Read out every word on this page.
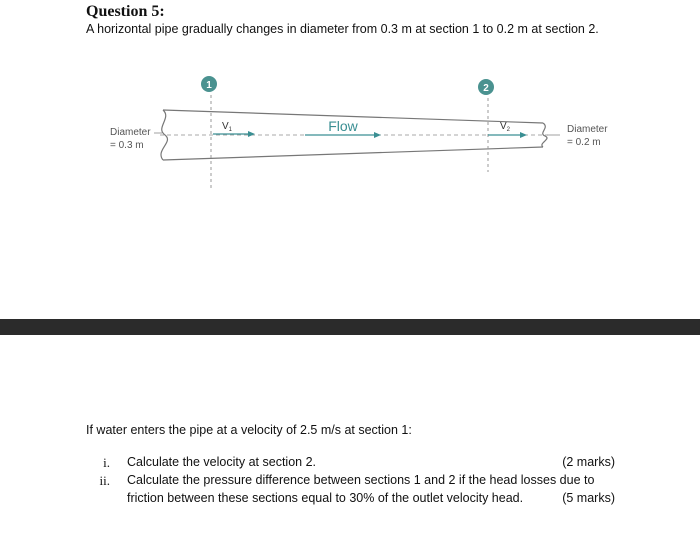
Question 5:
A horizontal pipe gradually changes in diameter from 0.3 m at section 1 to 0.2 m at section 2.
1	2
$V_1$	$V_2$
Flow
Diameter
= 0.3 m
Diameter
= 0.2 m
If water enters the pipe at a velocity of 2.5 m/s at section 1:
i. Calculate the velocity at section 2.	(2 marks)
ii. Calculate the pressure difference between sections 1 and 2 if the head losses due to
friction between these sections equal to 30% of the outlet velocity head.	(5 marks)
